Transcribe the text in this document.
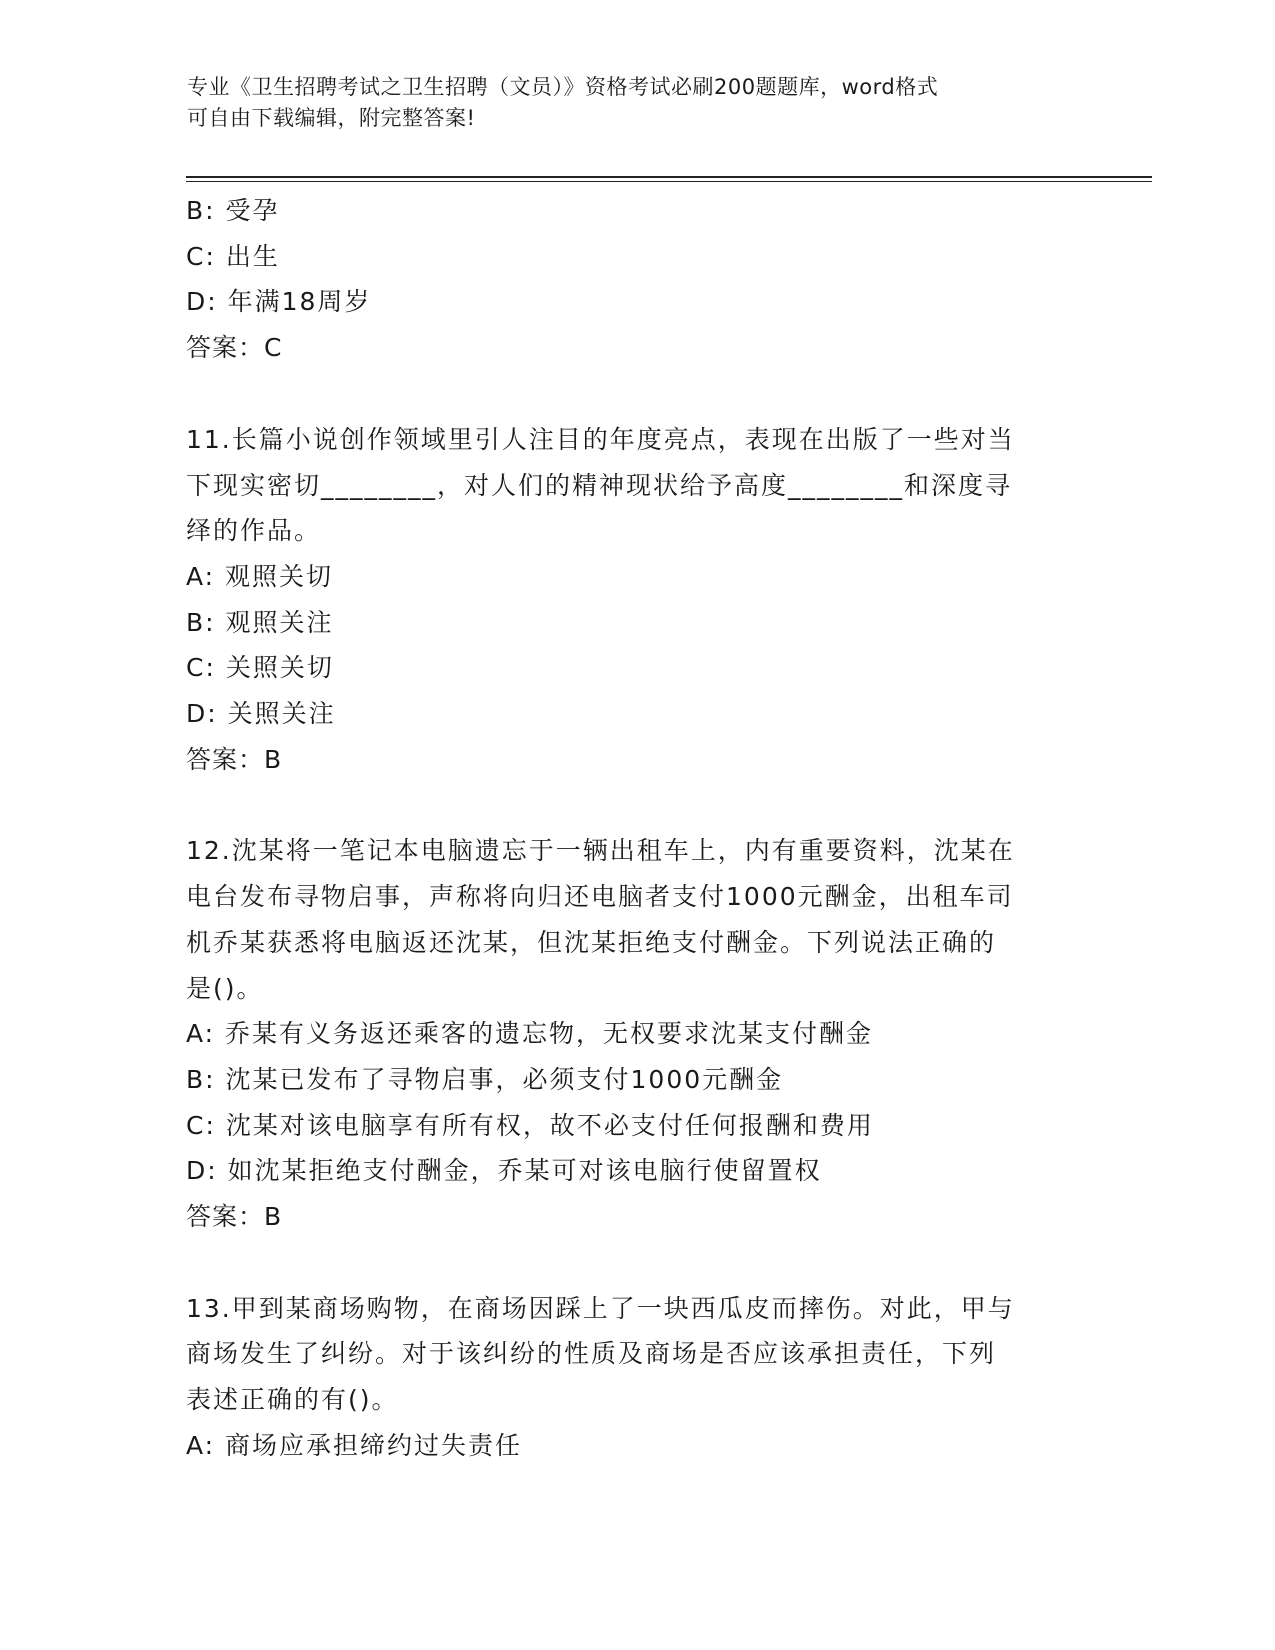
专业《卫生招聘考试之卫生招聘（文员）》资格考试必刷200题题库，word格式
可自由下载编辑，附完整答案!
B: 受孕
C: 出生
D: 年满18周岁
答案：C
11.长篇小说创作领域里引人注目的年度亮点，表现在出版了一些对当
下现实密切________，对人们的精神现状给予高度________和深度寻
绎的作品。
A: 观照关切
B: 观照关注
C: 关照关切
D: 关照关注
答案：B
12.沈某将一笔记本电脑遗忘于一辆出租车上，内有重要资料，沈某在
电台发布寻物启事，声称将向归还电脑者支付1000元酬金，出租车司
机乔某获悉将电脑返还沈某，但沈某拒绝支付酬金。下列说法正确的
是()。
A: 乔某有义务返还乘客的遗忘物，无权要求沈某支付酬金
B: 沈某已发布了寻物启事，必须支付1000元酬金
C: 沈某对该电脑享有所有权，故不必支付任何报酬和费用
D: 如沈某拒绝支付酬金，乔某可对该电脑行使留置权
答案：B
13.甲到某商场购物，在商场因踩上了一块西瓜皮而摔伤。对此，甲与
商场发生了纠纷。对于该纠纷的性质及商场是否应该承担责任，下列
表述正确的有()。
A: 商场应承担缔约过失责任
